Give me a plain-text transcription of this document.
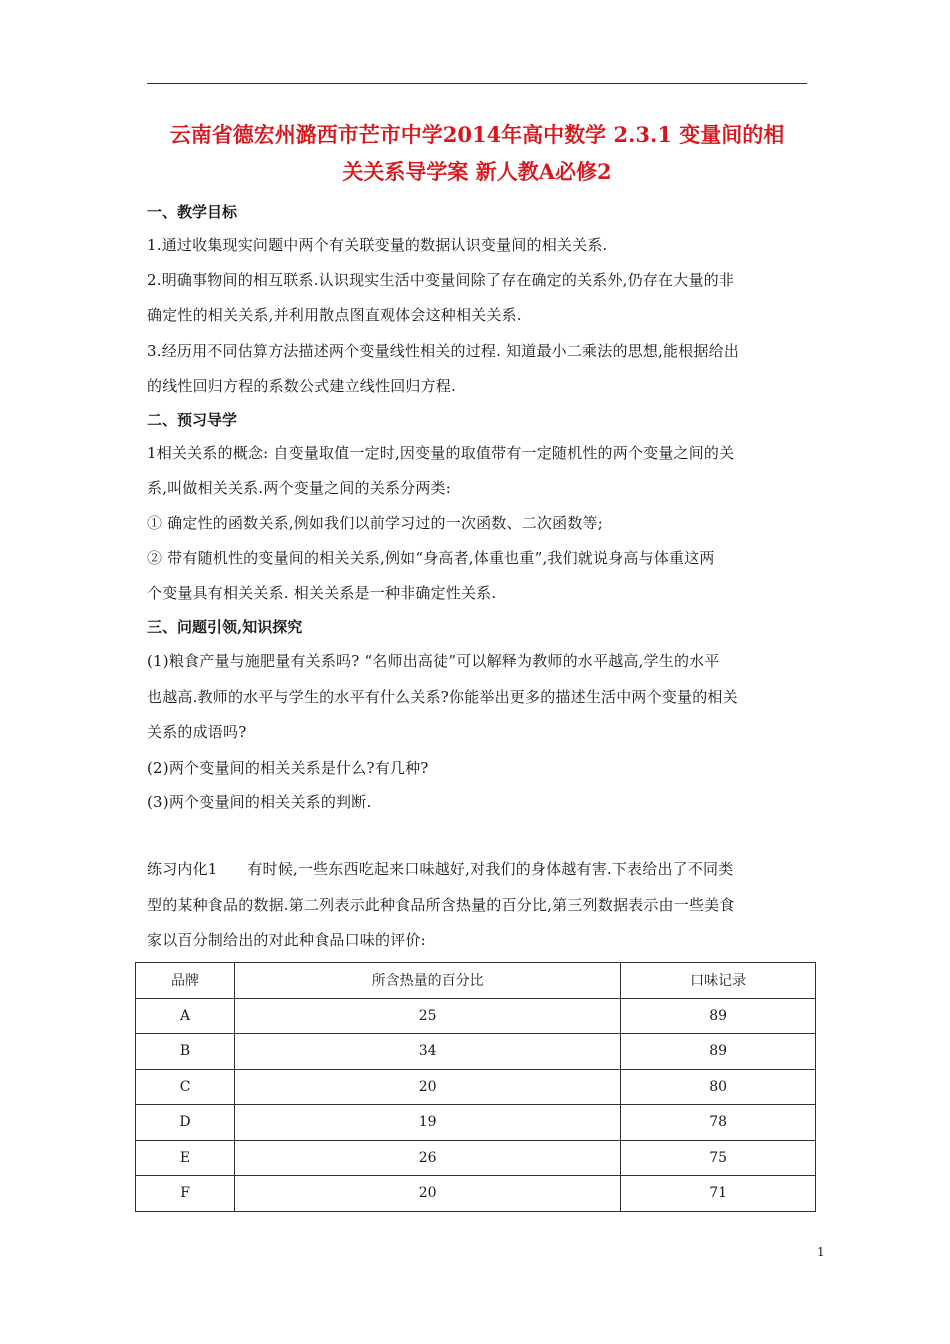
云南省德宏州潞西市芒市中学2014年高中数学 2.3.1 变量间的相
关关系导学案 新人教A必修2
一、教学目标
1.通过收集现实问题中两个有关联变量的数据认识变量间的相关关系.
2.明确事物间的相互联系.认识现实生活中变量间除了存在确定的关系外,仍存在大量的非
确定性的相关关系,并利用散点图直观体会这种相关关系.
3.经历用不同估算方法描述两个变量线性相关的过程. 知道最小二乘法的思想,能根据给出
的线性回归方程的系数公式建立线性回归方程.
二、预习导学
1相关关系的概念: 自变量取值一定时,因变量的取值带有一定随机性的两个变量之间的关
系,叫做相关关系.两个变量之间的关系分两类:
① 确定性的函数关系,例如我们以前学习过的一次函数、二次函数等;
② 带有随机性的变量间的相关关系,例如“身高者,体重也重”,我们就说身高与体重这两
个变量具有相关关系. 相关关系是一种非确定性关系.
三、问题引领,知识探究
(1)粮食产量与施肥量有关系吗? “名师出高徒”可以解释为教师的水平越高,学生的水平
也越高.教师的水平与学生的水平有什么关系?你能举出更多的描述生活中两个变量的相关
关系的成语吗?
(2)两个变量间的相关关系是什么?有几种?
(3)两个变量间的相关关系的判断.
练习内化1      有时候,一些东西吃起来口味越好,对我们的身体越有害.下表给出了不同类
型的某种食品的数据.第二列表示此种食品所含热量的百分比,第三列数据表示由一些美食
家以百分制给出的对此种食品口味的评价:
品牌	所含热量的百分比	口味记录
A	25	89
B	34	89
C	20	80
D	19	78
E	26	75
F	20	71
1
